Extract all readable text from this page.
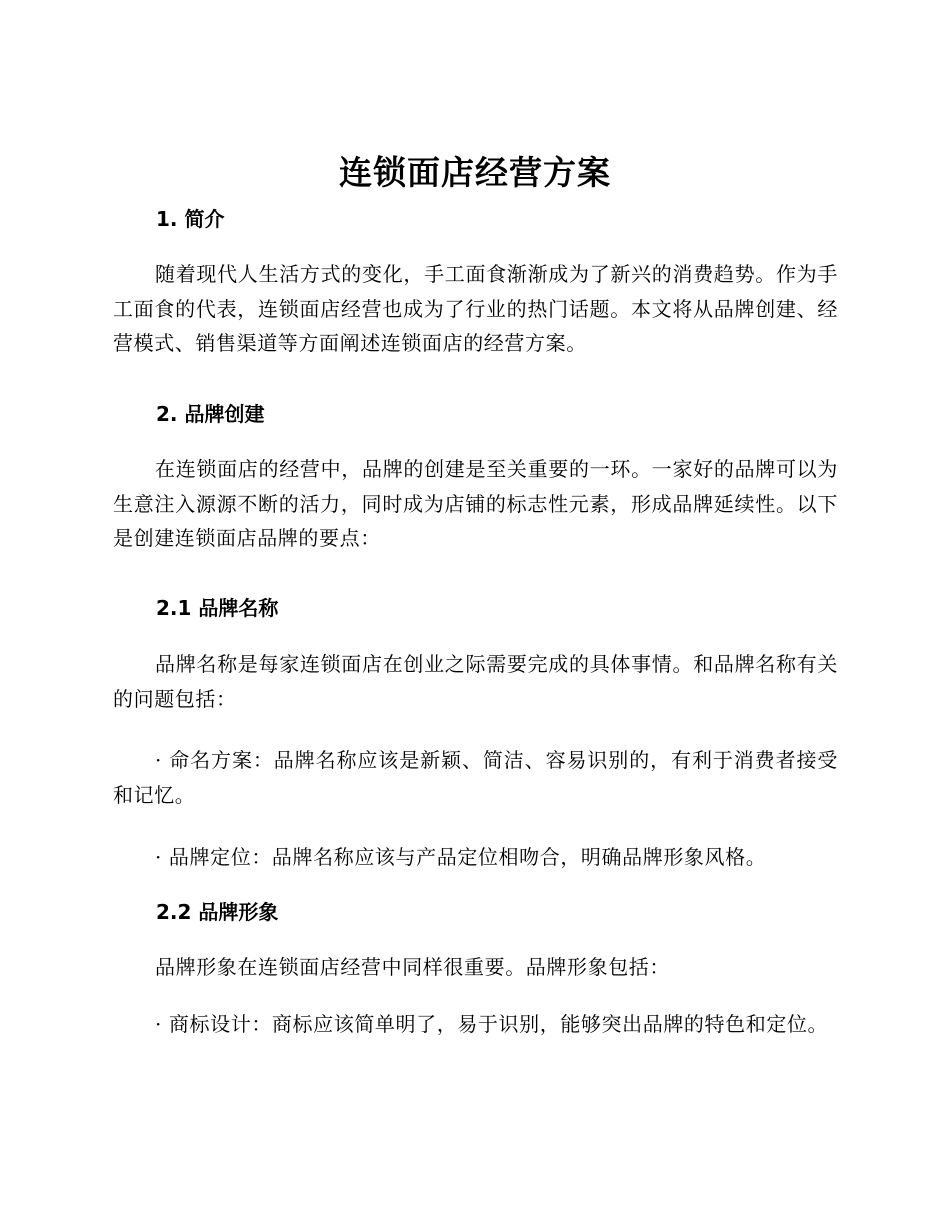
连锁面店经营方案
1. 简介

随着现代人生活方式的变化，手工面食渐渐成为了新兴的消费趋势。作为手工面食的代表，连锁面店经营也成为了行业的热门话题。本文将从品牌创建、经营模式、销售渠道等方面阐述连锁面店的经营方案。

2. 品牌创建

在连锁面店的经营中，品牌的创建是至关重要的一环。一家好的品牌可以为生意注入源源不断的活力，同时成为店铺的标志性元素，形成品牌延续性。以下是创建连锁面店品牌的要点：

2.1 品牌名称

品牌名称是每家连锁面店在创业之际需要完成的具体事情。和品牌名称有关的问题包括：

· 命名方案：品牌名称应该是新颖、简洁、容易识别的，有利于消费者接受和记忆。

· 品牌定位：品牌名称应该与产品定位相吻合，明确品牌形象风格。

2.2 品牌形象

品牌形象在连锁面店经营中同样很重要。品牌形象包括：

· 商标设计：商标应该简单明了，易于识别，能够突出品牌的特色和定位。
